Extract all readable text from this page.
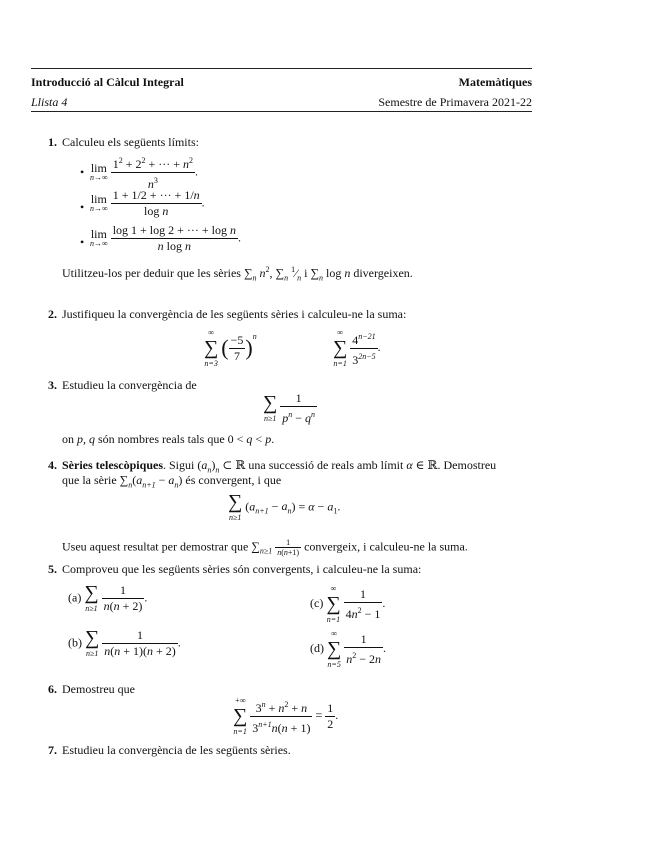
Introducció al Càlcul Integral	Matemàtiques
Llista 4	Semestre de Primavera 2021-22
1. Calculeu els següents límits:
• lim
n→∞
$\frac{1^2 + 2^2 + \cdot\cdot\cdot + n^2}{n^3}$ .
•
lim
n→∞
$\frac{1 + 1/2 + \cdot\cdot\cdot + 1/n}{\text{log n}}$ .
•
lim
n→∞
$\frac{\text{log 1 + log 2 + ··· + log n}}{\text{n log n}}$ .
Utilitzeu-los per deduir que les sèries $\sum_n$ $n^2$, $\sum_n$ $^1⁄_n$ i $\sum_n$ log n divergeixen.
2. Justifiqueu la convergència de les següents sèries i calculeu-ne la suma:
∞
∑
n=3
( $\frac{-5}{7} )^n$	∞
∑
n=1
$\frac{4^{n-21}}{3^{2n-5}}$ .
3. Estudieu la convergència de
∑
n≥1
$\frac{1}{p^n - q^n}$
on p, q són nombres reals tals que 0 < q < p.
4. Sèries telescòpiques. Sigui $(a_n)_n$ ⊂ ℝ una successió de reals amb límit α ∈ ℝ. Demostreu
que la sèrie $\sum_n(a_{n+1} - a_n)$ és convergent, i que
∑
n≥1
$(a_{n+1} - a_n) = \alpha - a_1$.
Useu aquest resultat per demostrar que $\sum_{n\ge 1} \frac{1}{n(n+1)}$ convergeix, i calculeu-ne la suma.
5. Comproveu que les següents sèries són convergents, i calculeu-ne la suma:
(a) ∑
n≥1
$\frac{1}{n(n + 2)}$ .	(c)
∞
∑
n=1
$\frac{1}{4n^2 - 1}$ .
(b) ∑
n≥1
$\frac{1}{n(n + 1)(n + 2)}$ .	(d)
∞
∑
n=5
$\frac{1}{n^2 - 2n}$ .
6. Demostreu que
+∞
∑
n=1
$\frac{3^n + n^2 + n}{3^{n+1}n(n + 1)} = \frac{1}{2}$ .
7. Estudieu la convergència de les següents sèries.
